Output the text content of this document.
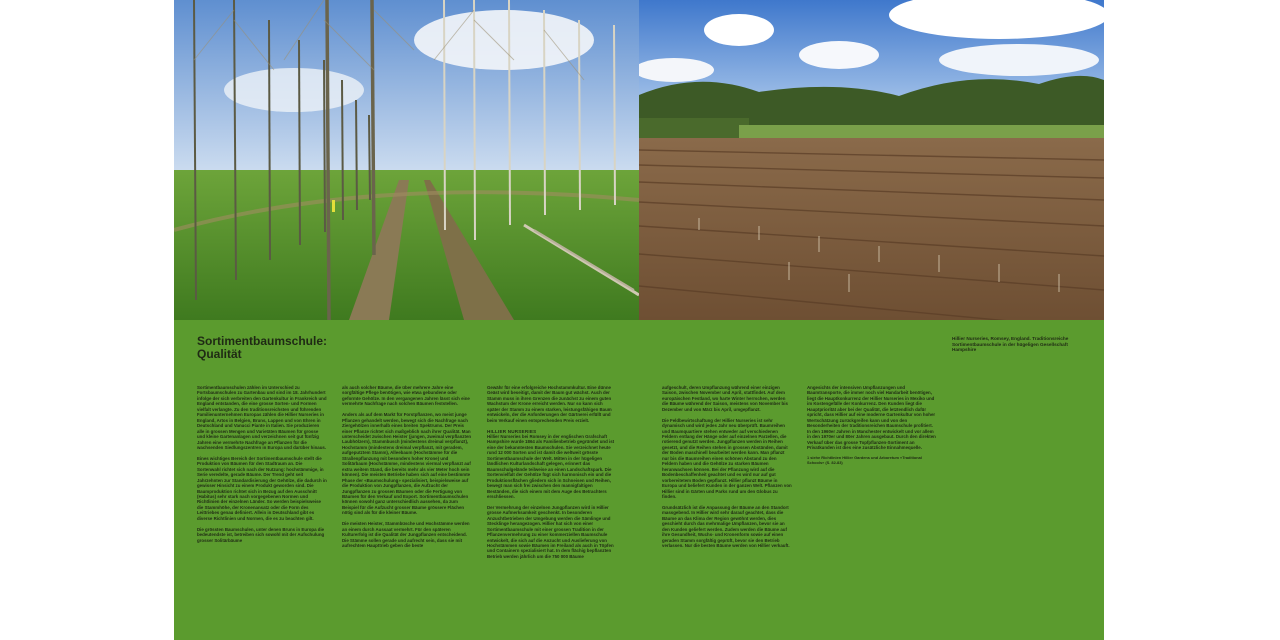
Sortimentbaumschule:
Qualität
Hillier Nurseries, Romsey, England. Traditionsreiche Sortimentbaumschule in der hügeligen Gesellschaft Hampshire

Sortimentbaumschulen zählen im Unterschied zu Fortsbaumschulen zu Gartenbau und sind im 18. Jahrhundert infolge der sich verbreiten den Gartenkultur in Frankreich und England entstanden, die eine grosse Sorten- und Formen vielfalt verlangte. Zu den traditionsreichsten und führenden Familienunternehmen Europas zählen die Hillier Nurseries in England, Artos in Belgien, Bruns, Lappen und von Ehren in Deutschland und Vanucci Piante in Italien. Sie produzieren alle in grossen Mengen und Varietäten Bäumen für grosse und kleine Gartenanlagen und verzeichnen seit gut fünfzig Jahren eine vermehrte Nachfrage an Pflanzen für die wachsenden Siedlungszentren in Europa und darüber hinaus.

Eines wichtiges Bereich der Sortimentbaumschule stellt die Produktion von Bäumen für den Stadtraum an. Die Sortenwahl richtet sich nach der Nutzung: hochstämmige, in Serie veredelte, gerade Bäume. Der Trend geht seit Jahrzehnten zur Standardisierung der Gehölze, die dadurch in gewisser Hinsicht zu einem Produkt geworden sind. Die Baumproduktion richtet sich in Bezug auf den Ausschnitt (Habitus) sehr stark nach vorgegebenen Normen und Richtlinien der einzelnen Länder. So werden beispielsweise die Stammhöhe, der Kronenansatz oder die Form des Leittriebes genau definiert. Allein in Deutschland gibt es diverse Richtlinien und Normen, die es zu beachten gilt.

Die grössten Baumschulen, unter denen Bruns in Europa die bedeutendste ist, betreiben sich sowohl mit der Aufschulung grosser Solitärbäume

als auch solcher Bäume, die über mehrere Jahre eine sorgfältige Pflege benötigen, wie etwa gebundene oder geformte Gehölze. In den vergangenen Jahren lässt sich eine vermehrte Nachfrage nach solchen Bäumen feststellen.

Anders als auf dem Markt für Forstpflanzen, wo meist junge Pflanzen gehandelt werden, bewegt sich die Nachfrage nach Ziergehölzen innerhalb eines breiten Spektrums. Der Preis einer Pflanze richtet sich maßgeblich nach ihrer Qualität. Man unterscheidet zwischen Heister (jungen, zweimal verpflanzten Laubhölzern), Stammbusch (mindestens dreimal verpflanzt), Hochstamm (mindestens dreimal verpflanzt, mit geradem, aufgeputztem Stamm), Alleebaum (Hochstämme für die Straßenpflanzung mit besonders hoher Krone) und Solitärbaum (Hochstämme, mindestens viermal verpflanzt auf extra weitem Stand, die bereits mehr als vier Meter hoch sein können). Die meisten Betriebe haben sich auf eine bestimmte Phase der «Baumschulung» spezialisiert, beispielsweise auf die Produktion von Jungpflanzen, die Aufzucht der Jungpflanzen zu grossen Bäumen oder die Fertigung von Bäumen für den Verkauf und Export. Sortimentbaumschulen können sowohl ganz unterschiedlich aussehen, da zum Beispiel für die Aufzucht grosser Bäume grössere Flächen nötig sind als für die kleiner Bäume.

Die meisten Heister, Stammbüsche und Hochstämme werden an einem durch Aussaat vermehrt. Für den späteren Kulturerfolg ist die Qualität der Jungpflanzen entscheidend. Die Stämme sollen gerade und aufrecht sein, dass sie mit aufrechtem Haupttrieb geben die beste

Gewähr für eine erfolgreiche Hochstammkultur. Eine dünne Geäst wird beseitigt, damit der Baum gut wächst. Auch der Stamm muss in ihren Grenzen die zunächst zu einem guten Wachstum der Krone erreicht werden. Nur so kann sich später der Stamm zu einem starken, leistungsfähigen Baum entwickeln, der die Anforderungen der Gärtnerei erfüllt und beim Verkauf einen entsprechenden Preis erzielt.

HILLIER NURSERIES

Hillier Nurseries bei Romsey in der englischen Grafschaft Hampshire wurde 1864 als Familienbetrieb gegründet und ist eine der bekanntesten Baumschulen. Sie verzeichnet heute rund 12 000 Sorten und ist damit die weltweit grösste Sortimentbaumschule der Welt. Mitten in der hügeligen ländlichen Kulturlandschaft gelegen, erinnert das Baumschulgelände teilweise an einen Landschaftspark. Die Sortenvielfalt der Gehölze fügt sich harmonisch ein und die Produktionsflächen gliedern sich in Schneisen und Reihen, bewegt man sich frei zwischen den mannigfaltigen Beständen, die sich einem mit dem Auge des Betrachters erschliessen.

Der Vermehrung der einzelnen Jungpflanzen wird in Hillier grosse Aufmerksamkeit geschenkt. In besonderen Anzuchtbetrieben der Umgebung werden die Sämlinge und Stecklinge herangezogen. Hillier hat sich von einer Sortimentbaumschule mit einer grossen Tradition in der Pflanzenvermehrung zu einer kommerziellen Baumschule entwickelt, die sich auf die Anzucht und Auslieferung von Hochstämmen sowie Bäumen im Freiland als auch in Töpfen und Containern spezialisiert hat. In dem flächig bepflanzten Betrieb werden jährlich um die 750 000 Bäume

aufgeschult, deren Umpflanzung während einer einzigen Saison, zwischen November und April, stattfindet. Auf dem europäischen Festland, wo harte Winter herrschen, werden die Bäume während der Saison, meistens von November bis Dezember und von März bis April, umgepflanzt.

Die Feldbewirtschaftung der Hillier Nurseries ist sehr dynamisch und wird jedes Jahr neu überprüft. Baumreihen und Baumquartiere stehen entweder auf verschiedenen Feldern entlang der Hänge oder auf einzelnen Parzellen, die rotierend genutzt werden. Jungpflanzen werden in Reihen gesetzt, und die Reihen stehen in grossen Abständen, damit der Boden maschinell bearbeitet werden kann. Man pflanzt nur bis die Baumreihen einen schönen Abstand zu den Feldern haben und die Gehölze zu starken Bäumen heranwachsen können. Bei der Pflanzung wird auf die Bodenbeschaffenheit geachtet und es wird nur auf gut vorbereitetem Boden gepflanzt. Hillier pflanzt Bäume in Europa und beliefert Kunden in der ganzen Welt. Pflanzen von Hillier sind in Gärten und Parks rund um den Globus zu finden.

Grundsätzlich ist die Anpassung der Bäume an den Standort massgebend. In Hillier wird sehr darauf geachtet, dass die Bäume an das Klima der Region gewöhnt werden, dies geschieht durch das mehrmalige Umpflanzen, bevor sie an den Kunden geliefert werden. Zudem werden die Bäume auf ihre Gesundheit, Wuchs- und Kronenform sowie auf einen geraden Stamm sorgfältig geprüft, bevor sie den Betrieb verlassen. Nur die besten Bäume werden von Hillier verkauft.

Angesichts der intensiven Umpflanzungen und Baumtransporte, die immer noch viel Handarbeit benötigen, liegt die Hauptkonkurrenz der Hillier Nurseries in Mexiko und im Kostengefälle der Konkurrenz. Den Kunden liegt die Hauptpriorität aber bei der Qualität, die letztendlich dafür spricht, dass Hillier auf eine moderne Gartenkultur von hoher Wertschätzung zurückgreifen kann und von den Besonderheiten der traditionsreichen Baumschule profitiert. In den 1960er Jahren in Manchester entwickelt und vor allem in den 1970er und 80er Jahren ausgebaut. Durch den direkten Verkauf über das grosse Topfpflanzen-Sortiment an Privatkunden ist dies eine zusätzliche Einnahmequelle.

1 siehe Richtlinien Hillier Gardens und Arboretum «Traditional Schools» (S. 82-83)
